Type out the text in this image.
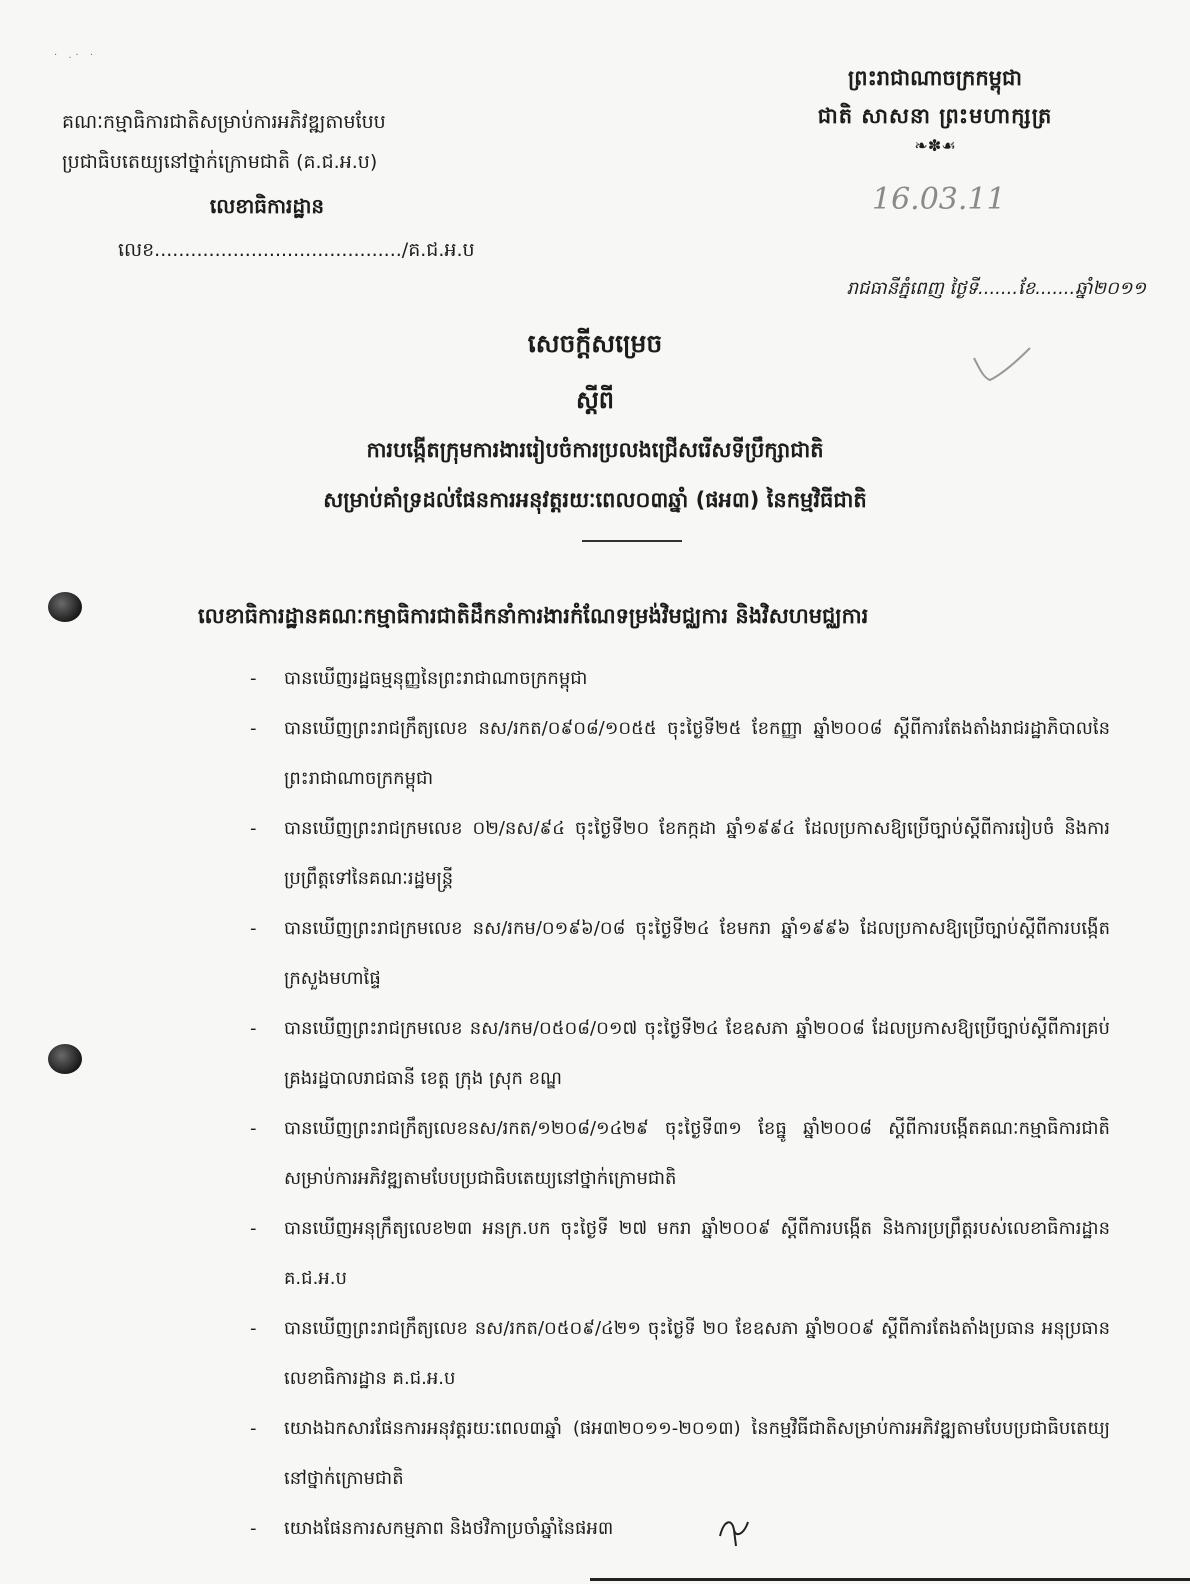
· .· ·
គណៈកម្មាធិការជាតិសម្រាប់ការអភិវឌ្ឍតាមបែប
ប្រជាធិបតេយ្យនៅថ្នាក់ក្រោមជាតិ (គ.ជ.អ.ប)
លេខាធិការដ្ឋាន
លេខ........................................./គ.ជ.អ.ប
ព្រះរាជាណាចក្រកម្ពុជា
ជាតិ សាសនា ព្រះមហាក្សត្រ
❧✽☙
16.03.11
រាជធានីភ្នំពេញ ថ្ងៃទី.......ខែ.......ឆ្នាំ២០១១
សេចក្តីសម្រេច
ស្តីពី
ការបង្កើតក្រុមការងាររៀបចំការប្រលងជ្រើសរើសទីប្រឹក្សាជាតិ
សម្រាប់គាំទ្រដល់ផែនការអនុវត្តរយៈពេល០៣ឆ្នាំ (ផអ៣) នៃកម្មវិធីជាតិ
លេខាធិការដ្ឋានគណៈកម្មាធិការជាតិដឹកនាំការងារកំណែទម្រង់វិមជ្ឈការ និងវិសហមជ្ឈការ
- បានឃើញរដ្ឋធម្មនុញ្ញនៃព្រះរាជាណាចក្រកម្ពុជា
- បានឃើញព្រះរាជក្រឹត្យលេខ នស/រកត/០៩០៨/១០៥៥ ចុះថ្ងៃទី២៥ ខែកញ្ញា ឆ្នាំ២០០៨ ស្តីពីការតែងតាំងរាជរដ្ឋាភិបាលនៃព្រះរាជាណាចក្រកម្ពុជា
- បានឃើញព្រះរាជក្រមលេខ ០២/នស/៩៤ ចុះថ្ងៃទី២០ ខែកក្កដា ឆ្នាំ១៩៩៤ ដែលប្រកាសឱ្យប្រើច្បាប់ស្តីពីការរៀបចំ និងការប្រព្រឹត្តទៅនៃគណៈរដ្ឋមន្ត្រី
- បានឃើញព្រះរាជក្រមលេខ នស/រកម/០១៩៦/០៨ ចុះថ្ងៃទី២៤ ខែមករា ឆ្នាំ១៩៩៦ ដែលប្រកាសឱ្យប្រើច្បាប់ស្តីពីការបង្កើតក្រសួងមហាផ្ទៃ
- បានឃើញព្រះរាជក្រមលេខ នស/រកម/០៥០៨/០១៧ ចុះថ្ងៃទី២៤ ខែឧសភា ឆ្នាំ២០០៨ ដែលប្រកាសឱ្យប្រើច្បាប់ស្តីពីការគ្រប់គ្រងរដ្ឋបាលរាជធានី ខេត្ត ក្រុង ស្រុក ខណ្ឌ
- បានឃើញព្រះរាជក្រឹត្យលេខនស/រកត/១២០៨/១៤២៩ ចុះថ្ងៃទី៣១ ខែធ្នូ ឆ្នាំ២០០៨ ស្តីពីការបង្កើតគណៈកម្មាធិការជាតិសម្រាប់ការអភិវឌ្ឍតាមបែបប្រជាធិបតេយ្យនៅថ្នាក់ក្រោមជាតិ
- បានឃើញអនុក្រឹត្យលេខ២៣ អនក្រ.បក ចុះថ្ងៃទី ២៧ មករា ឆ្នាំ២០០៩ ស្តីពីការបង្កើត និងការប្រព្រឹត្តរបស់លេខាធិការដ្ឋាន គ.ជ.អ.ប
- បានឃើញព្រះរាជក្រឹត្យលេខ នស/រកត/០៥០៩/៤២១ ចុះថ្ងៃទី ២០ ខែឧសភា ឆ្នាំ២០០៩ ស្តីពីការតែងតាំងប្រធាន អនុប្រធានលេខាធិការដ្ឋាន គ.ជ.អ.ប
- យោងឯកសារផែនការអនុវត្តរយៈពេល៣ឆ្នាំ (ផអ៣២០១១-២០១៣) នៃកម្មវិធីជាតិសម្រាប់ការអភិវឌ្ឍតាមបែបប្រជាធិបតេយ្យនៅថ្នាក់ក្រោមជាតិ
- យោងផែនការសកម្មភាព និងថវិកាប្រចាំឆ្នាំនៃផអ៣
